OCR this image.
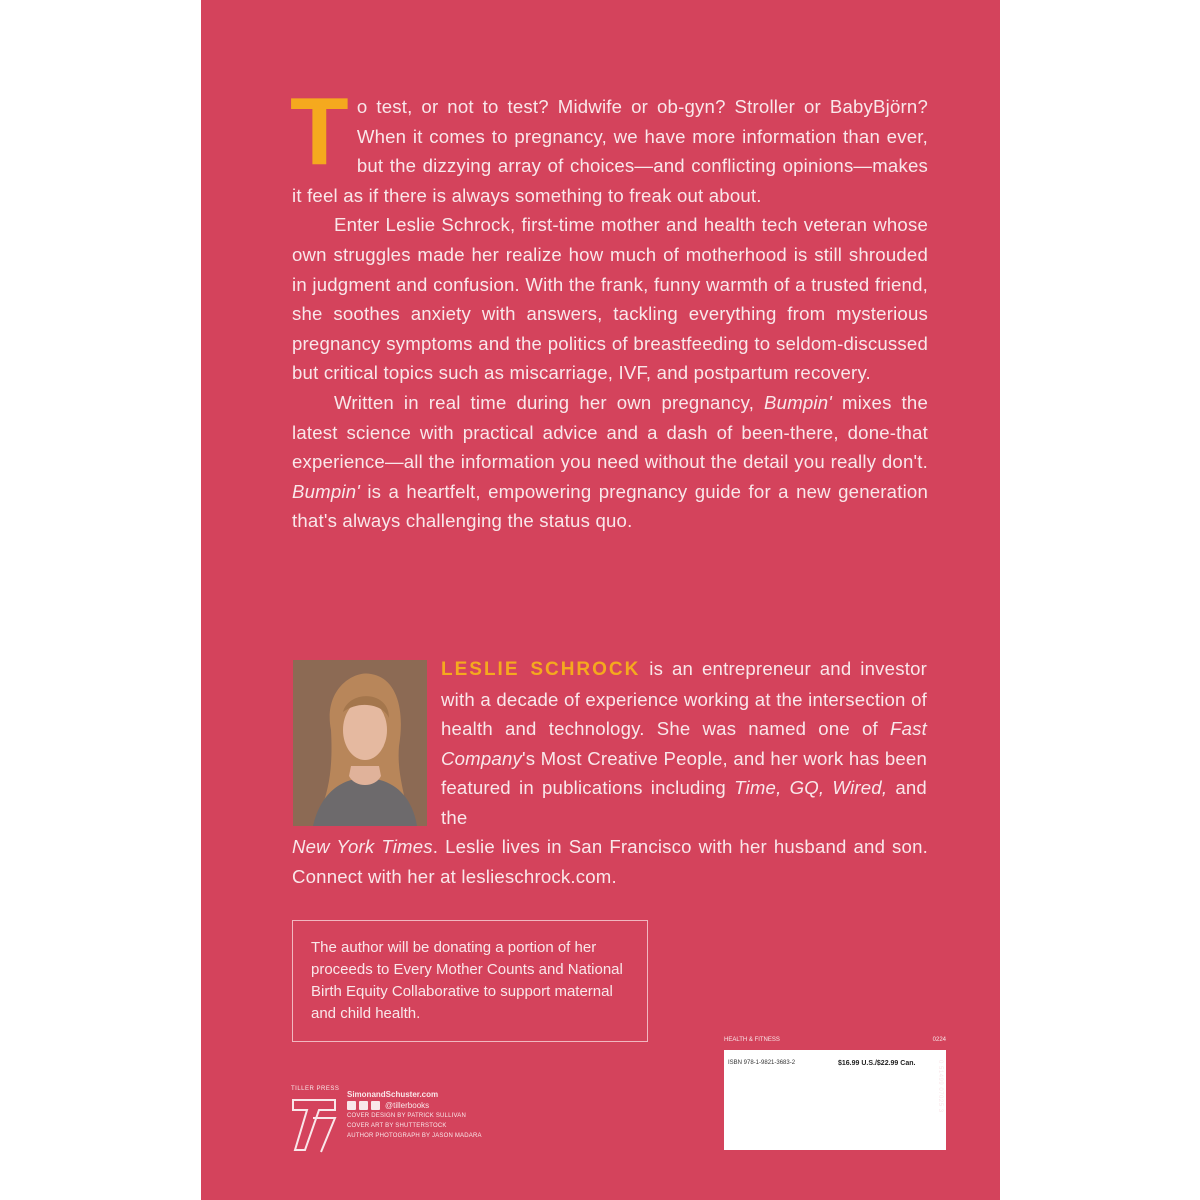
To test, or not to test? Midwife or ob-gyn? Stroller or BabyBjörn? When it comes to pregnancy, we have more information than ever, but the dizzying array of choices—and conflicting opinions—makes it feel as if there is always something to freak out about.

Enter Leslie Schrock, first-time mother and health tech veteran whose own struggles made her realize how much of motherhood is still shrouded in judgment and confusion. With the frank, funny warmth of a trusted friend, she soothes anxiety with answers, tackling everything from mysterious pregnancy symptoms and the politics of breastfeeding to seldom-discussed but critical topics such as miscarriage, IVF, and postpartum recovery.

Written in real time during her own pregnancy, Bumpin' mixes the latest science with practical advice and a dash of been-there, done-that experience—all the information you need without the detail you really don't. Bumpin' is a heartfelt, empowering pregnancy guide for a new generation that's always challenging the status quo.

LESLIE SCHROCK is an entrepreneur and investor with a decade of experience working at the intersection of health and technology. She was named one of Fast Company's Most Creative People, and her work has been featured in publications including Time, GQ, Wired, and the

New York Times. Leslie lives in San Francisco with her husband and son. Connect with her at leslieschrock.com.
The author will be donating a portion of her proceeds to Every Mother Counts and National Birth Equity Collaborative to support maternal and child health.
TILLER PRESS
SimonandSchuster.com
@tillerbooks
COVER DESIGN BY PATRICK SULLIVAN
COVER ART BY SHUTTERSTOCK
AUTHOR PHOTOGRAPH BY JASON MADARA
HEALTH & FITNESS	0224
ISBN 978-1-9821-3683-2	$16.99 U.S./$22.99 Can.	0 51499 07025 3
